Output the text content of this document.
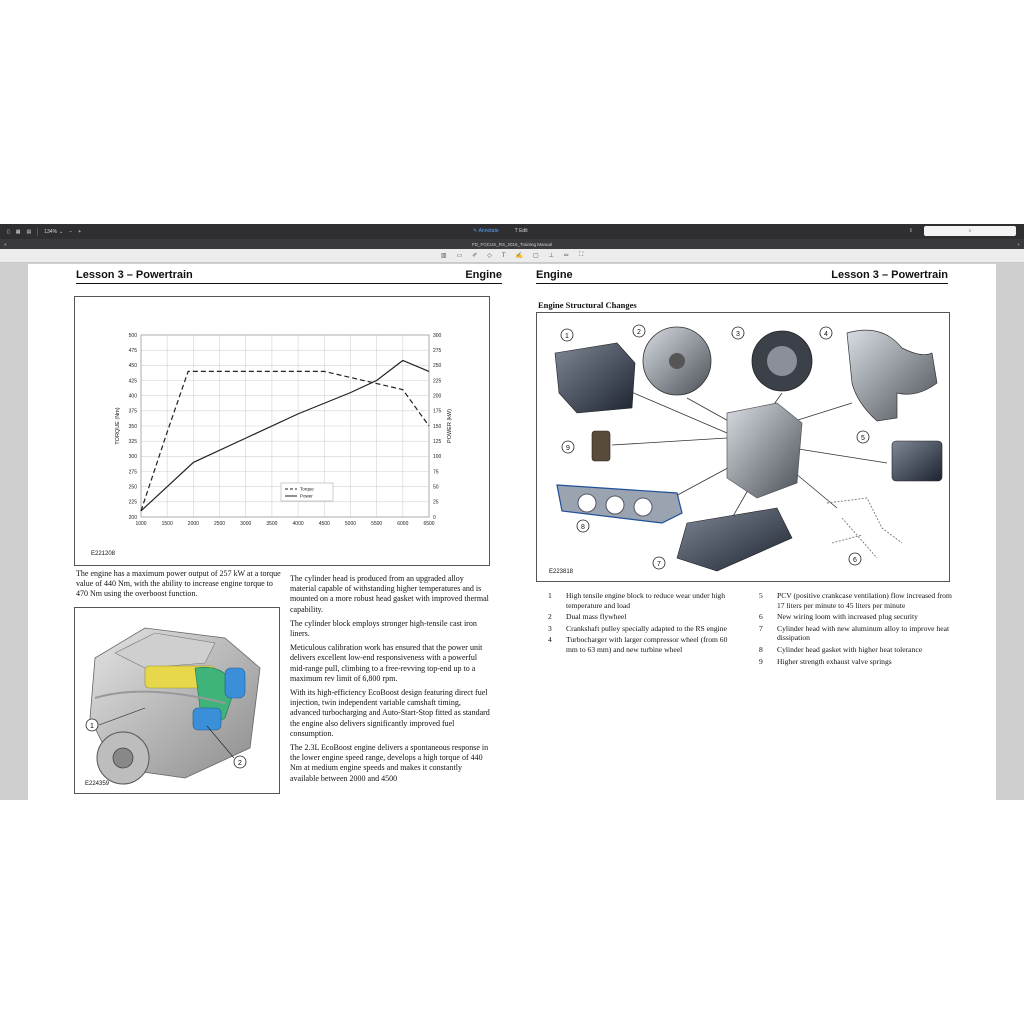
▯	▦	▤	134% ⌄	−	+	✎
Annotate	T
Edit	⇪	⌕
×	FD_FOCUS_RS_2016_Training Manual	+
▥ ▭ ✐ ◇ T ✍ ▢ ⊥ ✏ ⛶
Lesson 3 – Powertrain	Engine
1000	1500	2000	2500	3000	3500	4000	4500	5000	5500	6000	6500
200
225
250
275
300
325
350
375
400
425
450
475
500
0
25
50
75
100
125
150
175
200
225
250
275
300
TORQUE (Nm)	POWER (kW)
Torque
Power
E221208
The engine has a maximum power output of 257 kW at a torque value of 440 Nm, with the ability to increase engine torque to 470 Nm using the overboost function.
1
2
E224359

The cylinder head is produced from an upgraded alloy material capable of withstanding higher temperatures and is mounted on a more robust head gasket with improved thermal capability.

The cylinder block employs stronger high-tensile cast iron liners.

Meticulous calibration work has ensured that the power unit delivers excellent low-end responsiveness with a powerful mid-range pull, climbing to a free-revving top-end up to a maximum rev limit of 6,800 rpm.

With its high-efficiency EcoBoost design featuring direct fuel injection, twin independent variable camshaft timing, advanced turbocharging and Auto-Start-Stop fitted as standard the engine also delivers significantly improved fuel consumption.

The 2.3L EcoBoost engine delivers a spontaneous response in the lower engine speed range, develops a high torque of 440 Nm at medium engine speeds and makes it constantly available between 2000 and 4500

Engine	Lesson 3 – Powertrain
Engine Structural Changes
1
2	3	4
5
6
7
8
9
E223818
1	High tensile engine block to reduce wear under high temperature and load
2	Dual mass flywheel
3	Crankshaft pulley specially adapted to the RS engine
4	Turbocharger with larger compressor wheel (from 60 mm to 63 mm) and new turbine wheel
5	PCV (positive crankcase ventilation) flow increased from 17 liters per minute to 45 liters per minute
6	New wiring loom with increased plug security
7	Cylinder head with new aluminum alloy to improve heat dissipation
8	Cylinder head gasket with higher heat tolerance
9	Higher strength exhaust valve springs
